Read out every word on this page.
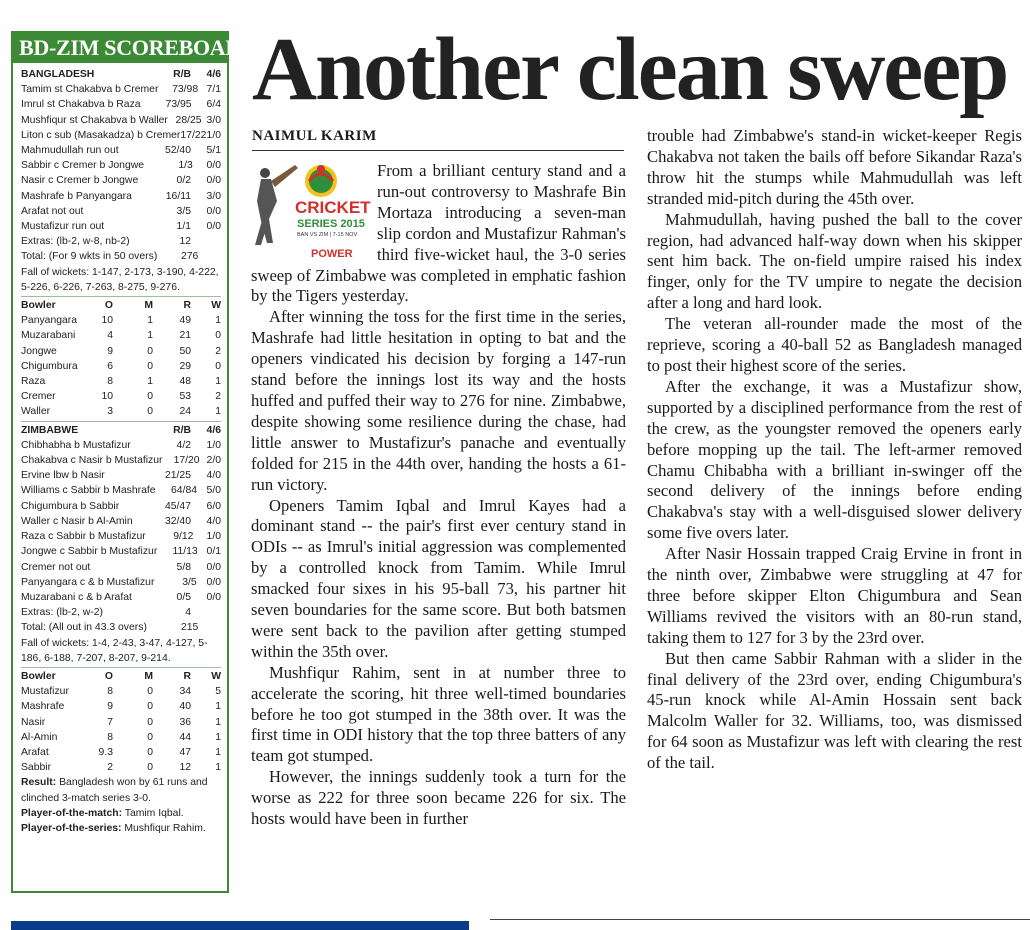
BD-ZIM SCOREBOARD
BANGLADESH	R/B	4/6
Tamim st Chakabva b Cremer	73/98 7/1
Imrul st Chakabva b Raza	73/95	6/4
Mushfiqur st Chakabva b Waller 28/25 3/0
Liton c sub (Masakadza) b Cremer 17/22 1/0
Mahmudullah run out	52/40	5/1
Sabbir c Cremer b Jongwe	1/3	0/0
Nasir c Cremer b Jongwe	0/2	0/0
Mashrafe b Panyangara	16/11	3/0
Arafat not out	3/5	0/0
Mustafizur run out	1/1	0/0
Extras: (lb-2, w-8, nb-2)	12
Total: (For 9 wkts in 50 overs)	276
Fall of wickets: 1-147, 2-173, 3-190, 4-222, 5-226, 6-226, 7-263, 8-275, 9-276.
Bowler	O	M	R	W
Panyangara	10	1	49	1
Muzarabani	4	1	21	0
Jongwe	9	0	50	2
Chigumbura	6	0	29	0
Raza	8	1	48	1
Cremer	10	0	53	2
Waller	3	0	24	1
ZIMBABWE	R/B	4/6
Chibhabha b Mustafizur	4/2	1/0
Chakabva c Nasir b Mustafizur	17/20 2/0
Ervine lbw b Nasir	21/25	4/0
Williams c Sabbir b Mashrafe	64/84 5/0
Chigumbura b Sabbir	45/47	6/0
Waller c Nasir b Al-Amin	32/40	4/0
Raza c Sabbir b Mustafizur	9/12	1/0
Jongwe c Sabbir b Mustafizur	11/13 0/1
Cremer not out	5/8	0/0
Panyangara c & b Mustafizur	3/5 0/0
Muzarabani c & b Arafat	0/5	0/0
Extras: (lb-2, w-2)	4
Total: (All out in 43.3 overs)	215
Fall of wickets: 1-4, 2-43, 3-47, 4-127, 5-186, 6-188, 7-207, 8-207, 9-214.
Bowler	O	M	R	W
Mustafizur	8	0	34	5
Mashrafe	9	0	40	1
Nasir	7	0	36	1
Al-Amin	8	0	44	1
Arafat	9.3	0	47	1
Sabbir	2	0	12	1
Result: Bangladesh won by 61 runs and clinched 3-match series 3-0.
Player-of-the-match: Tamim Iqbal.
Player-of-the-series: Mushfiqur Rahim.
Another clean sweep
NAIMUL KARIM
CRICKET
SERIES 2015
BAN VS ZIM | 7-15 NOV
POWER

From a brilliant century stand and a run-out controversy to Mashrafe Bin Mortaza introducing a seven-man slip cordon and Mustafizur Rahman's third five-wicket haul, the 3-0 series sweep of Zimbabwe was completed in emphatic fashion by the Tigers yesterday.

After winning the toss for the first time in the series, Mashrafe had little hesitation in opting to bat and the openers vindicated his decision by forging a 147-run stand before the innings lost its way and the hosts huffed and puffed their way to 276 for nine. Zimbabwe, despite showing some resilience during the chase, had little answer to Mustafizur's panache and eventually folded for 215 in the 44th over, handing the hosts a 61-run victory.

Openers Tamim Iqbal and Imrul Kayes had a dominant stand -- the pair's first ever century stand in ODIs -- as Imrul's initial aggression was complemented by a controlled knock from Tamim. While Imrul smacked four sixes in his 95-ball 73, his partner hit seven boundaries for the same score. But both batsmen were sent back to the pavilion after getting stumped within the 35th over.

Mushfiqur Rahim, sent in at number three to accelerate the scoring, hit three well-timed boundaries before he too got stumped in the 38th over. It was the first time in ODI history that the top three batters of any team got stumped.

However, the innings suddenly took a turn for the worse as 222 for three soon became 226 for six. The hosts would have been in further

trouble had Zimbabwe's stand-in wicket-keeper Regis Chakabva not taken the bails off before Sikandar Raza's throw hit the stumps while Mahmudullah was left stranded mid-pitch during the 45th over.

Mahmudullah, having pushed the ball to the cover region, had advanced half-way down when his skipper sent him back. The on-field umpire raised his index finger, only for the TV umpire to negate the decision after a long and hard look.

The veteran all-rounder made the most of the reprieve, scoring a 40-ball 52 as Bangladesh managed to post their highest score of the series.

After the exchange, it was a Mustafizur show, supported by a disciplined performance from the rest of the crew, as the youngster removed the openers early before mopping up the tail. The left-armer removed Chamu Chibabha with a brilliant in-swinger off the second delivery of the innings before ending Chakabva's stay with a well-disguised slower delivery some five overs later.

After Nasir Hossain trapped Craig Ervine in front in the ninth over, Zimbabwe were struggling at 47 for three before skipper Elton Chigumbura and Sean Williams revived the visitors with an 80-run stand, taking them to 127 for 3 by the 23rd over.

But then came Sabbir Rahman with a slider in the final delivery of the 23rd over, ending Chigumbura's 45-run knock while Al-Amin Hossain sent back Malcolm Waller for 32. Williams, too, was dismissed for 64 soon as Mustafizur was left with clearing the rest of the tail.
